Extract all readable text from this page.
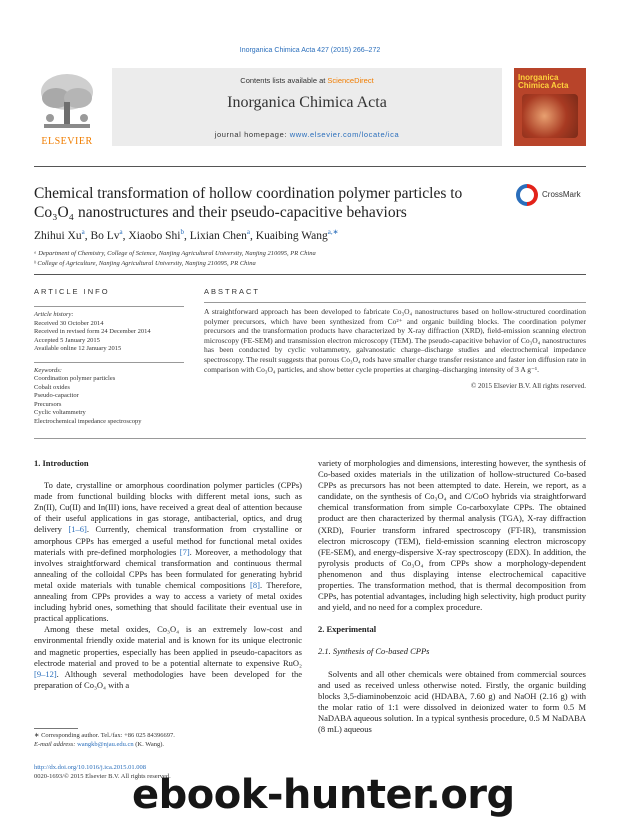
Inorganica Chimica Acta 427 (2015) 266–272
Contents lists available at ScienceDirect
Inorganica Chimica Acta
journal homepage: www.elsevier.com/locate/ica
ELSEVIER
Inorganica Chimica Acta
Chemical transformation of hollow coordination polymer particles to Co₃O₄ nanostructures and their pseudo-capacitive behaviors
CrossMark
Zhihui Xu$^a$, Bo Lv$^a$, Xiaobo Shi$^b$, Lixian Chen$^a$, Kuaibing Wang$^{a,∗}$
ᵃ Department of Chemistry, College of Science, Nanjing Agricultural University, Nanjing 210095, PR China
ᵇ College of Agriculture, Nanjing Agricultural University, Nanjing 210095, PR China
ARTICLE INFO
Article history:
Received 30 October 2014
Received in revised form 24 December 2014
Accepted 5 January 2015
Available online 12 January 2015
Keywords:
Coordination polymer particles
Cobalt oxides
Pseudo-capacitor
Precursors
Cyclic voltammetry
Electrochemical impedance spectroscopy
ABSTRACT
A straightforward approach has been developed to fabricate Co₃O₄ nanostructures based on hollow-structured coordination polymer precursors, which have been synthesized from Co²⁺ and organic building blocks. The coordination polymer precursors and the transformation products have characterized by X-ray diffraction (XRD), field-emission scanning electron microscopy (FE-SEM) and transmission electron microscopy (TEM). The pseudo-capacitive behavior of Co₃O₄ nanostructures has been conducted by cyclic voltammetry, galvanostatic charge–discharge studies and electrochemical impedance spectroscopy. The result suggests that porous Co₃O₄ rods have smaller charge transfer resistance and faster ion diffusion rate in comparison with Co₃O₄ particles, and show better cycle properties at charging–discharging intensity of 3 A g⁻¹.
© 2015 Elsevier B.V. All rights reserved.
1. Introduction

To date, crystalline or amorphous coordination polymer particles (CPPs) made from functional building blocks with different metal ions, such as Zn(II), Cu(II) and In(III) ions, have received a great deal of attention because of their useful applications in gas storage, antibacterial, optics, and drug delivery [1–6]. Currently, chemical transformation from crystalline or amorphous CPPs has emerged a useful method for functional metal oxides materials with pre-defined morphologies [7]. Moreover, a methodology that involves straightforward chemical transformation and continuous thermal annealing of the colloidal CPPs has been formulated for generating hybrid metal oxide materials with tunable chemical compositions [8]. Therefore, annealing from CPPs provides a way to access a variety of metal oxides including hybrid ones, something that should facilitate their eventual use in practical applications.

Among these metal oxides, Co₃O₄ is an extremely low-cost and environmental friendly oxide material and is known for its unique electronic and magnetic properties, especially has been applied in pseudo-capacitors as electrode material and proved to be a potential alternate to expensive RuO₂ [9–12]. Although several methodologies have been developed for the preparation of Co₃O₄ with a

variety of morphologies and dimensions, interesting however, the synthesis of Co-based oxides materials in the utilization of hollow-structured Co-based CPPs as precursors has not been attempted to date. Herein, we report, as a candidate, on the synthesis of Co₃O₄ and C/CoO hybrids via straightforward chemical transformation from simple Co-carboxylate CPPs. The obtained product are then characterized by thermal analysis (TGA), X-ray diffraction (XRD), Fourier transform infrared spectroscopy (FT-IR), transmission electron microscopy (TEM), field-emission scanning electron microscopy (FE-SEM), and energy-dispersive X-ray spectroscopy (EDX). In addition, the pyrolysis products of Co₃O₄ from CPPs show a morphology-dependent phenomenon and thus displaying intense electrochemical capacitive properties. The transformation method, that is thermal decomposition from CPPs, has potential advantages, including high selectivity, high product purity and yield, and no need for a complex procedure.

2. Experimental
2.1. Synthesis of Co-based CPPs

Solvents and all other chemicals were obtained from commercial sources and used as received unless otherwise noted. Firstly, the organic building blocks 3,5-diaminobenzoic acid (HDABA, 7.60 g) and NaOH (2.16 g) with the molar ratio of 1:1 were dissolved in deionized water to form 0.5 M NaDABA aqueous solution. In a typical synthesis procedure, 0.5 M NaDABA (8 mL) aqueous

∗ Corresponding author. Tel./fax: +86 025 84396697.
E-mail address: wangkb@njau.edu.cn (K. Wang).
http://dx.doi.org/10.1016/j.ica.2015.01.008
0020-1693/© 2015 Elsevier B.V. All rights reserved.
ebook-hunter.org
